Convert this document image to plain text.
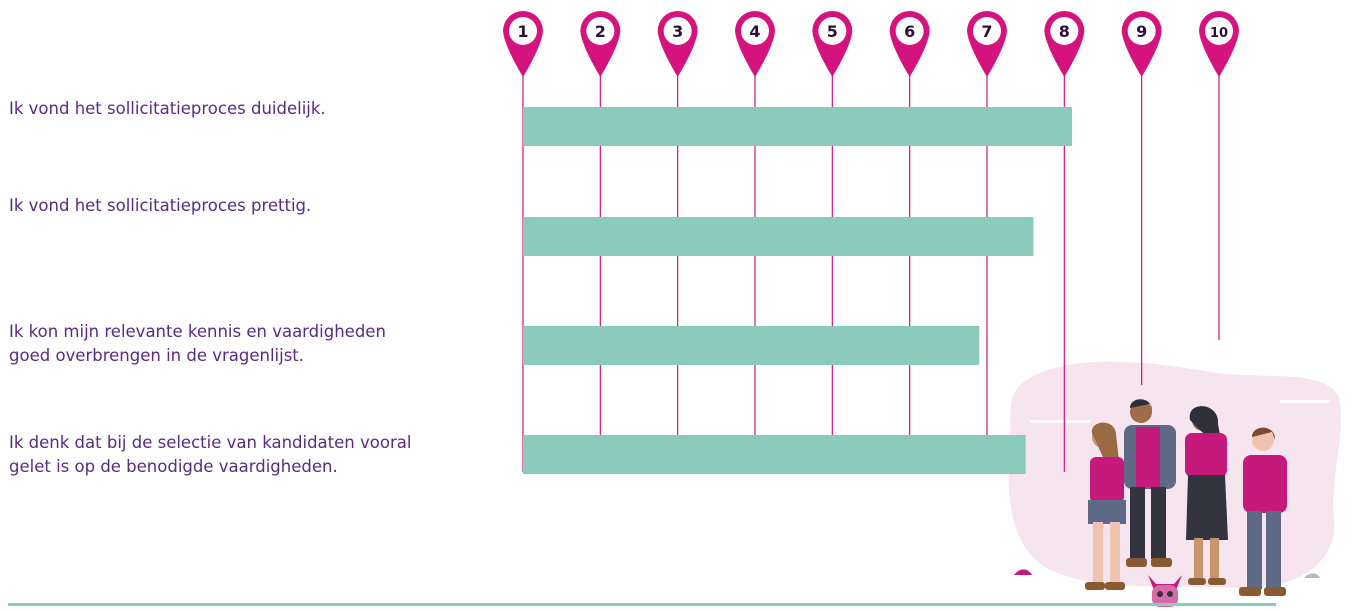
1	2	3	4	5	6	7	8	9	10
Ik vond het sollicitatieproces duidelijk.
Ik vond het sollicitatieproces prettig.
Ik kon mijn relevante kennis en vaardigheden
goed overbrengen in de vragenlijst.
Ik denk dat bij de selectie van kandidaten vooral
gelet is op de benodigde vaardigheden.
